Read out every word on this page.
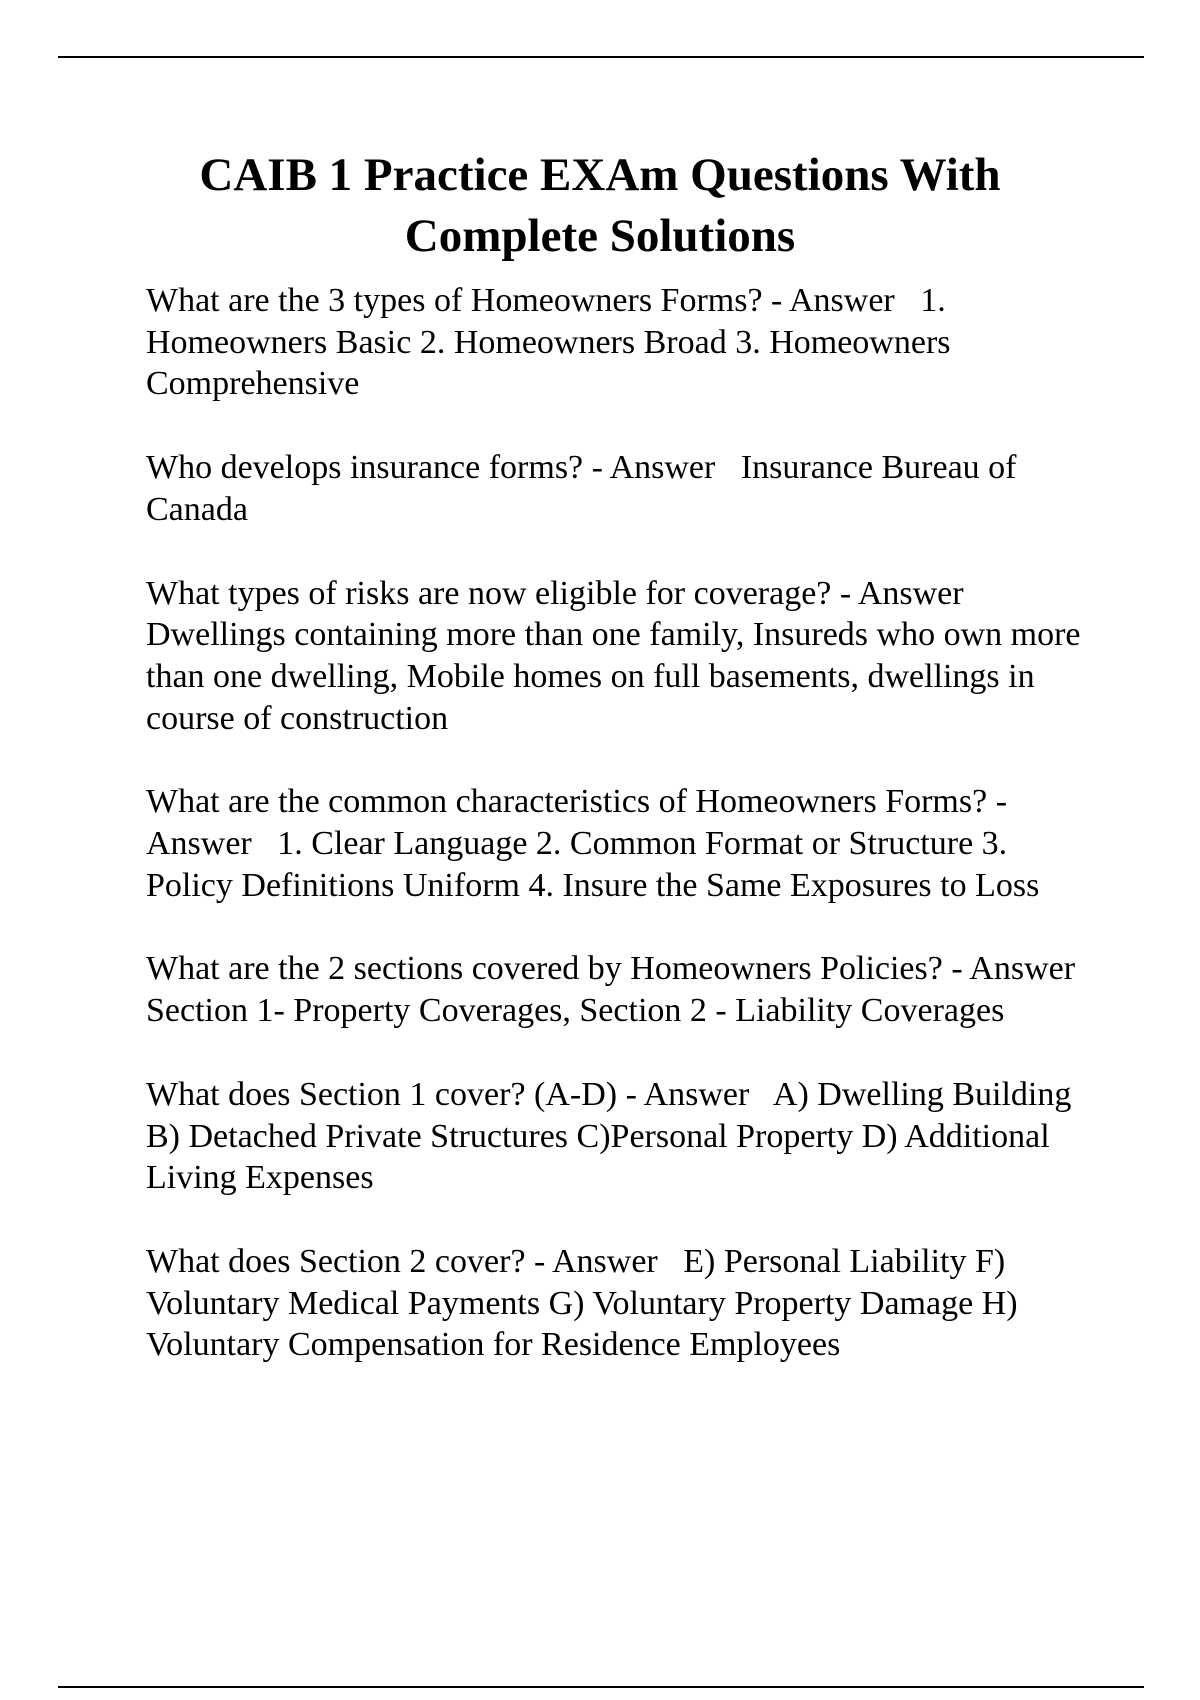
CAIB 1 Practice EXAm Questions With Complete Solutions

What are the 3 types of Homeowners Forms? - Answer   1. Homeowners Basic 2. Homeowners Broad 3. Homeowners Comprehensive

Who develops insurance forms? - Answer   Insurance Bureau of Canada

What types of risks are now eligible for coverage? - Answer Dwellings containing more than one family, Insureds who own more than one dwelling, Mobile homes on full basements, dwellings in course of construction

What are the common characteristics of Homeowners Forms? - Answer   1. Clear Language 2. Common Format or Structure 3. Policy Definitions Uniform 4. Insure the Same Exposures to Loss

What are the 2 sections covered by Homeowners Policies? - Answer   Section 1- Property Coverages, Section 2 - Liability Coverages

What does Section 1 cover? (A-D) - Answer   A) Dwelling Building B) Detached Private Structures C)Personal Property D) Additional Living Expenses

What does Section 2 cover? - Answer   E) Personal Liability F) Voluntary Medical Payments G) Voluntary Property Damage H) Voluntary Compensation for Residence Employees
